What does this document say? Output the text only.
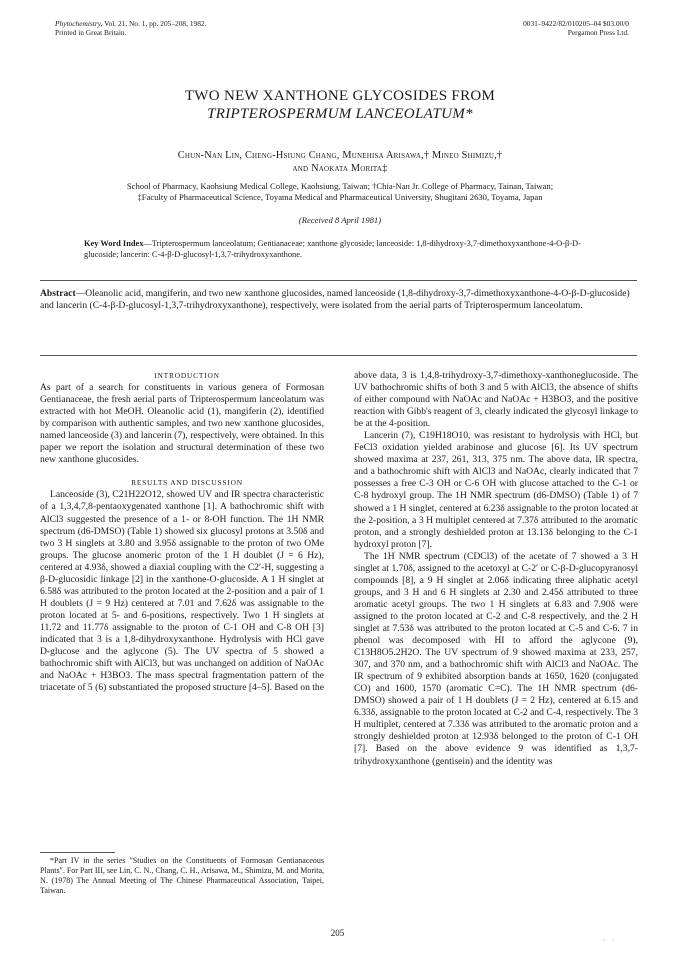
Phytochemistry, Vol. 21, No. 1, pp. 205–208, 1982.
Printed in Great Britain.
0031–9422/82/010205–04 $03.00/0
Pergamon Press Ltd.
TWO NEW XANTHONE GLYCOSIDES FROM
TRIPTEROSPERMUM LANCEOLATUM*
Chun-Nan Lin, Cheng-Hsiung Chang, Munehisa Arisawa,† Mineo Shimizu,†
and Naokata Morita‡
School of Pharmacy, Kaohsiung Medical College, Kaohsiung, Taiwan; †Chia-Nan Jr. College of Pharmacy, Tainan, Taiwan;
‡Faculty of Pharmaceutical Science, Toyama Medical and Pharmaceutical University, Shugitani 2630, Toyama, Japan
(Received 8 April 1981)
Key Word Index—Tripterospermum lanceolatum; Gentianaceae; xanthone glycoside; lanceoside: 1,8-dihydroxy-3,7-dimethoxyxanthone-4-O-β-D-glucoside; lancerin: C-4-β-D-glucosyl-1,3,7-trihydroxyxanthone.
Abstract—Oleanolic acid, mangiferin, and two new xanthone glucosides, named lanceoside (1,8-dihydroxy-3,7-dimethoxyxanthone-4-O-β-D-glucoside) and lancerin (C-4-β-D-glucosyl-1,3,7-trihydroxyxanthone), respectively, were isolated from the aerial parts of Tripterospermum lanceolatum.

INTRODUCTION

As part of a search for constituents in various genera of Formosan Gentianaceae, the fresh aerial parts of Tripterospermum lanceolatum was extracted with hot MeOH. Oleanolic acid (1), mangiferin (2), identified by comparison with authentic samples, and two new xanthone glucosides, named lanceoside (3) and lancerin (7), respectively, were obtained. In this paper we report the isolation and structural determination of these two new xanthone glucosides.

RESULTS AND DISCUSSION

Lanceoside (3), C21H22O12, showed UV and IR spectra characteristic of a 1,3,4,7,8-pentaoxygenated xanthone [1]. A bathochromic shift with AlCl3 suggested the presence of a 1- or 8-OH function. The 1H NMR spectrum (d6-DMSO) (Table 1) showed six glucosyl protons at 3.50δ and two 3 H singlets at 3.80 and 3.95δ assignable to the proton of two OMe groups. The glucose anomeric proton of the 1 H doublet (J = 6 Hz), centered at 4.93δ, showed a diaxial coupling with the C2′-H, suggesting a β-D-glucosidic linkage [2] in the xanthone-O-glucoside. A 1 H singlet at 6.58δ was attributed to the proton located at the 2-position and a pair of 1 H doublets (J = 9 Hz) centered at 7.01 and 7.62δ was assignable to the proton located at 5- and 6-positions, respectively. Two 1 H singlets at 11.72 and 11.77δ assignable to the proton of C-1 OH and C-8 OH [3] indicated that 3 is a 1,8-dihydroxyxanthone. Hydrolysis with HCl gave D-glucose and the aglycone (5). The UV spectra of 5 showed a bathochromic shift with AlCl3, but was unchanged on addition of NaOAc and NaOAc + H3BO3. The mass spectral fragmentation pattern of the triacetate of 5 (6) substantiated the proposed structure [4–5]. Based on the

above data, 3 is 1,4,8-trihydroxy-3,7-dimethoxy-xanthoneglucoside. The UV bathochromic shifts of both 3 and 5 with AlCl3, the absence of shifts of either compound with NaOAc and NaOAc + H3BO3, and the positive reaction with Gibb's reagent of 3, clearly indicated the glycosyl linkage to be at the 4-position.

Lancerin (7), C19H18O10, was resistant to hydrolysis with HCl, but FeCl3 oxidation yielded arabinose and glucose [6]. Its UV spectrum showed maxima at 237, 261, 313, 375 nm. The above data, IR spectra, and a bathochromic shift with AlCl3 and NaOAc, clearly indicated that 7 possesses a free C-3 OH or C-6 OH with glucose attached to the C-1 or C-8 hydroxyl group. The 1H NMR spectrum (d6-DMSO) (Table 1) of 7 showed a 1 H singlet, centered at 6.23δ assignable to the proton located at the 2-position, a 3 H multiplet centered at 7.37δ attributed to the aromatic proton, and a strongly deshielded proton at 13.13δ belonging to the C-1 hydroxyl proton [7].

The 1H NMR spectrum (CDCl3) of the acetate of 7 showed a 3 H singlet at 1.70δ, assigned to the acetoxyl at C-2′ or C-β-D-glucopyranosyl compounds [8], a 9 H singlet at 2.06δ indicating three aliphatic acetyl groups, and 3 H and 6 H singlets at 2.30 and 2.45δ attributed to three aromatic acetyl groups. The two 1 H singlets at 6.83 and 7.90δ were assigned to the proton located at C-2 and C-8 respectively, and the 2 H singlet at 7.53δ was attributed to the proton located at C-5 and C-6. 7 in phenol was decomposed with HI to afford the aglycone (9), C13H8O5.2H2O. The UV spectrum of 9 showed maxima at 233, 257, 307, and 370 nm, and a bathochromic shift with AlCl3 and NaOAc. The IR spectrum of 9 exhibited absorption bands at 1650, 1620 (conjugated CO) and 1600, 1570 (aromatic C=C). The 1H NMR spectrum (d6-DMSO) showed a pair of 1 H doublets (J = 2 Hz), centered at 6.15 and 6.33δ, assignable to the proton located at C-2 and C-4, respectively. The 3 H multiplet, centered at 7.33δ was attributed to the aromatic proton and a strongly deshielded proton at 12.93δ belonged to the proton of C-1 OH [7]. Based on the above evidence 9 was identified as 1,3,7-trihydroxyxanthone (gentisein) and the identity was

*Part IV in the series "Studies on the Constituents of Formosan Gentianaceous Plants". For Part III, see Lin, C. N., Chang, C. H., Arisawa, M., Shimizu, M. and Morita, N. (1978) The Annual Meeting of The Chinese Pharmaceutical Association, Taipei, Taiwan.
205
· ·
